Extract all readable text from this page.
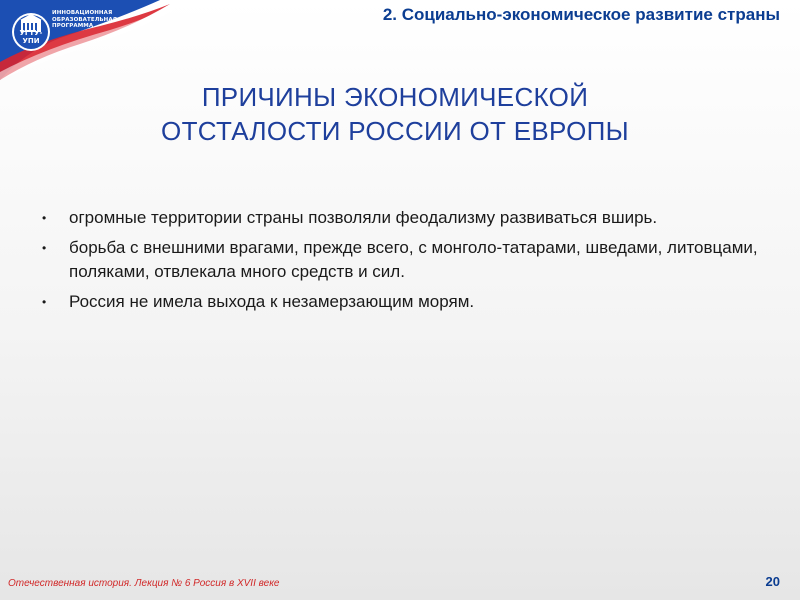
ИННОВАЦИОННАЯ
ОБРАЗОВАТЕЛЬНАЯ
ПРОГРАММА
УГТУ-УПИ
2. Социально-экономическое развитие страны
ПРИЧИНЫ ЭКОНОМИЧЕСКОЙ
ОТСТАЛОСТИ РОССИИ ОТ ЕВРОПЫ
• огромные территории страны позволяли феодализму развиваться вширь.
• борьба с внешними врагами, прежде всего, с монголо-татарами, шведами, литовцами, поляками, отвлекала много средств и сил.
• Россия не имела выхода к незамерзающим морям.
Отечественная история. Лекция № 6 Россия в XVII веке	20
